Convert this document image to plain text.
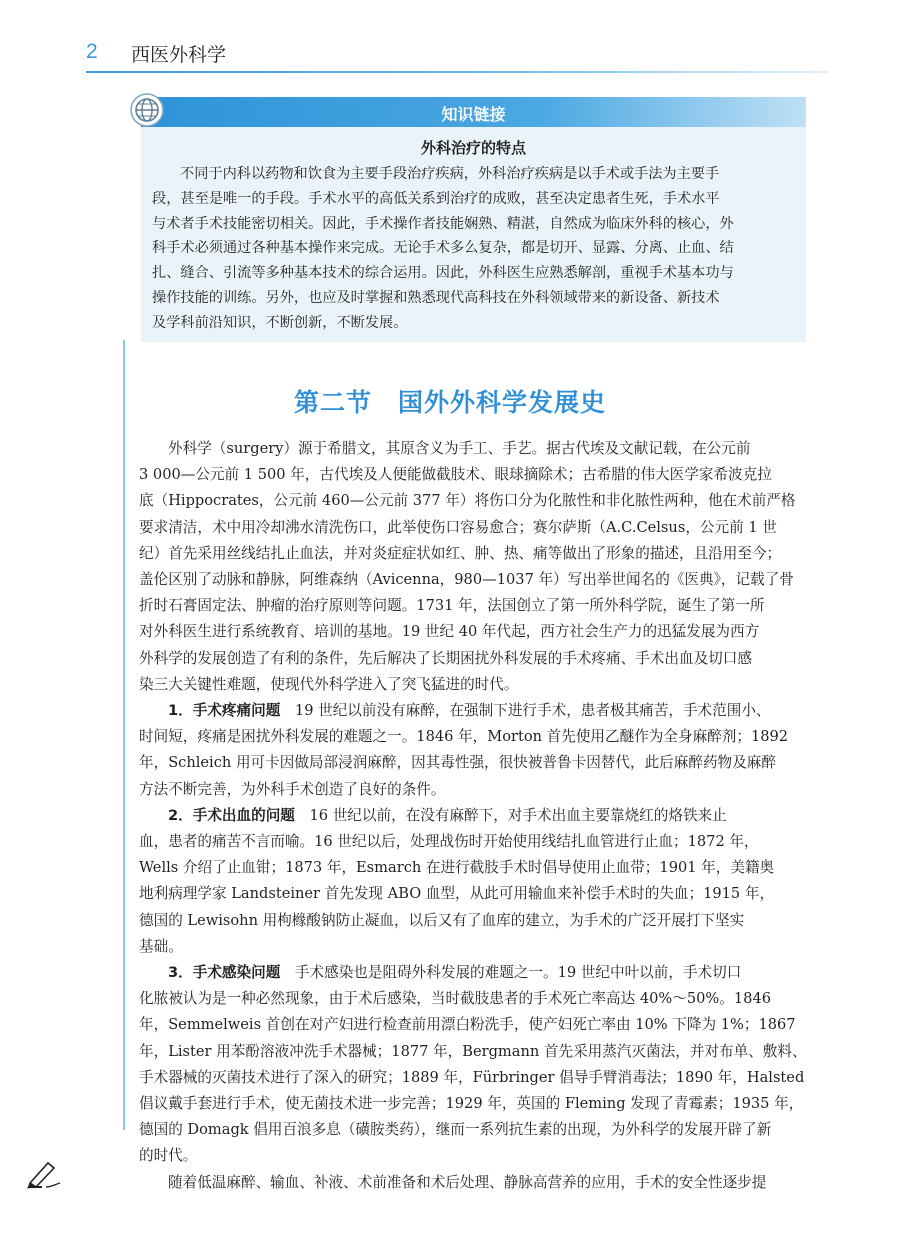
2 西医外科学
知识链接
外科治疗的特点
不同于内科以药物和饮食为主要手段治疗疾病，外科治疗疾病是以手术或手法为主要手
段，甚至是唯一的手段。手术水平的高低关系到治疗的成败，甚至决定患者生死，手术水平
与术者手术技能密切相关。因此，手术操作者技能娴熟、精湛，自然成为临床外科的核心，外
科手术必须通过各种基本操作来完成。无论手术多么复杂，都是切开、显露、分离、止血、结
扎、缝合、引流等多种基本技术的综合运用。因此，外科医生应熟悉解剖，重视手术基本功与
操作技能的训练。另外，也应及时掌握和熟悉现代高科技在外科领域带来的新设备、新技术
及学科前沿知识，不断创新，不断发展。
第二节　国外外科学发展史
外科学（surgery）源于希腊文，其原含义为手工、手艺。据古代埃及文献记载，在公元前
3 000—公元前 1 500 年，古代埃及人便能做截肢术、眼球摘除术；古希腊的伟大医学家希波克拉
底（Hippocrates，公元前 460—公元前 377 年）将伤口分为化脓性和非化脓性两种，他在术前严格
要求清洁，术中用冷却沸水清洗伤口，此举使伤口容易愈合；赛尔萨斯（A.C.Celsus，公元前 1 世
纪）首先采用丝线结扎止血法，并对炎症症状如红、肿、热、痛等做出了形象的描述，且沿用至今；
盖伦区别了动脉和静脉，阿维森纳（Avicenna，980—1037 年）写出举世闻名的《医典》，记载了骨
折时石膏固定法、肿瘤的治疗原则等问题。1731 年，法国创立了第一所外科学院，诞生了第一所
对外科医生进行系统教育、培训的基地。19 世纪 40 年代起，西方社会生产力的迅猛发展为西方
外科学的发展创造了有利的条件，先后解决了长期困扰外科发展的手术疼痛、手术出血及切口感
染三大关键性难题，使现代外科学进入了突飞猛进的时代。
1．手术疼痛问题　19 世纪以前没有麻醉，在强制下进行手术，患者极其痛苦，手术范围小、
时间短，疼痛是困扰外科发展的难题之一。1846 年，Morton 首先使用乙醚作为全身麻醉剂；1892
年，Schleich 用可卡因做局部浸润麻醉，因其毒性强，很快被普鲁卡因替代，此后麻醉药物及麻醉
方法不断完善，为外科手术创造了良好的条件。
2．手术出血的问题　16 世纪以前，在没有麻醉下，对手术出血主要靠烧红的烙铁来止
血，患者的痛苦不言而喻。16 世纪以后，处理战伤时开始使用线结扎血管进行止血；1872 年，
Wells 介绍了止血钳；1873 年，Esmarch 在进行截肢手术时倡导使用止血带；1901 年，美籍奥
地利病理学家 Landsteiner 首先发现 ABO 血型，从此可用输血来补偿手术时的失血；1915 年，
德国的 Lewisohn 用枸橼酸钠防止凝血，以后又有了血库的建立，为手术的广泛开展打下坚实
基础。
3．手术感染问题　手术感染也是阻碍外科发展的难题之一。19 世纪中叶以前，手术切口
化脓被认为是一种必然现象，由于术后感染，当时截肢患者的手术死亡率高达 40%～50%。1846
年，Semmelweis 首创在对产妇进行检查前用漂白粉洗手，使产妇死亡率由 10% 下降为 1%；1867
年，Lister 用苯酚溶液冲洗手术器械；1877 年，Bergmann 首先采用蒸汽灭菌法，并对布单、敷料、
手术器械的灭菌技术进行了深入的研究；1889 年，Fürbringer 倡导手臂消毒法；1890 年，Halsted
倡议戴手套进行手术，使无菌技术进一步完善；1929 年，英国的 Fleming 发现了青霉素；1935 年，
德国的 Domagk 倡用百浪多息（磺胺类药），继而一系列抗生素的出现，为外科学的发展开辟了新
的时代。
随着低温麻醉、输血、补液、术前准备和术后处理、静脉高营养的应用，手术的安全性逐步提
